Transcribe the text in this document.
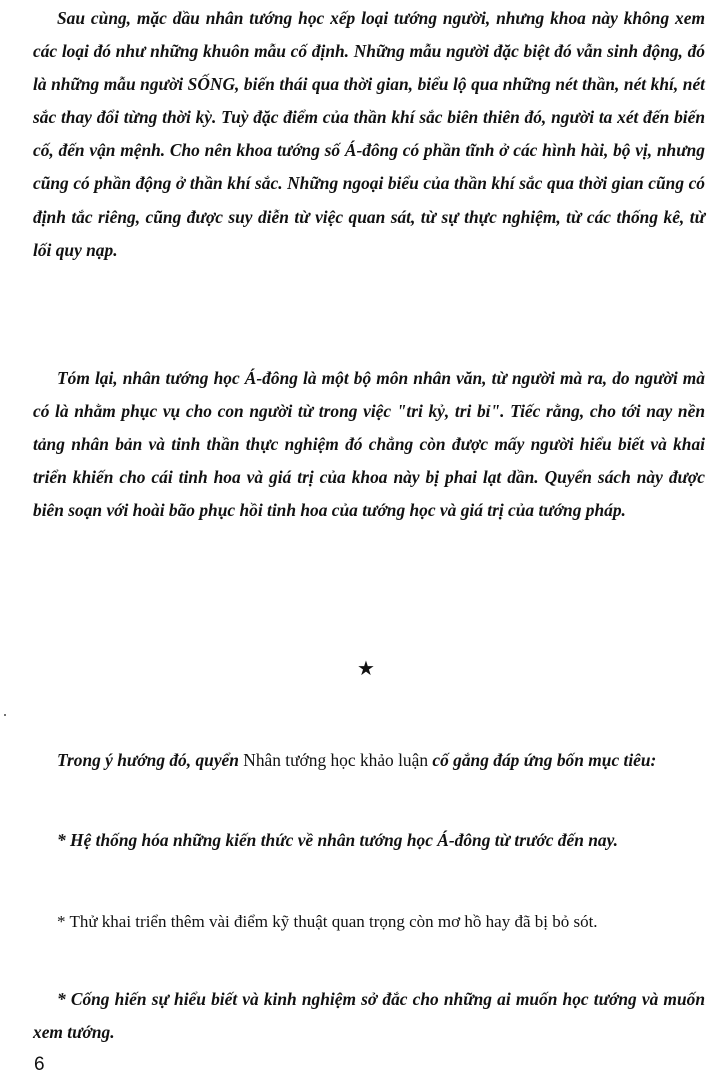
Sau cùng, mặc dầu nhân tướng học xếp loại tướng người, nhưng khoa này không xem các loại đó như những khuôn mẫu cố định. Những mẫu người đặc biệt đó vẫn sinh động, đó là những mẫu người SỐNG, biến thái qua thời gian, biểu lộ qua những nét thần, nét khí, nét sắc thay đổi từng thời kỳ. Tuỳ đặc điểm của thần khí sắc biên thiên đó, người ta xét đến biến cố, đến vận mệnh. Cho nên khoa tướng số Á-đông có phần tĩnh ở các hình hài, bộ vị, nhưng cũng có phần động ở thần khí sắc. Những ngoại biểu của thần khí sắc qua thời gian cũng có định tắc riêng, cũng được suy diễn từ việc quan sát, từ sự thực nghiệm, từ các thống kê, từ lối quy nạp.

Tóm lại, nhân tướng học Á-đông là một bộ môn nhân văn, từ người mà ra, do người mà có là nhằm phục vụ cho con người từ trong việc "tri kỷ, tri bỉ". Tiếc rằng, cho tới nay nền tảng nhân bản và tinh thần thực nghiệm đó chẳng còn được mấy người hiểu biết và khai triển khiến cho cái tinh hoa và giá trị của khoa này bị phai lạt dần. Quyển sách này được biên soạn với hoài bão phục hồi tinh hoa của tướng học và giá trị của tướng pháp.

★

Trong ý hướng đó, quyển Nhân tướng học khảo luận cố gắng đáp ứng bốn mục tiêu:

* Hệ thống hóa những kiến thức về nhân tướng học Á-đông từ trước đến nay.

* Thử khai triển thêm vài điểm kỹ thuật quan trọng còn mơ hồ hay đã bị bỏ sót.

* Cống hiến sự hiểu biết và kinh nghiệm sở đắc cho những ai muốn học tướng và muốn xem tướng.

6
